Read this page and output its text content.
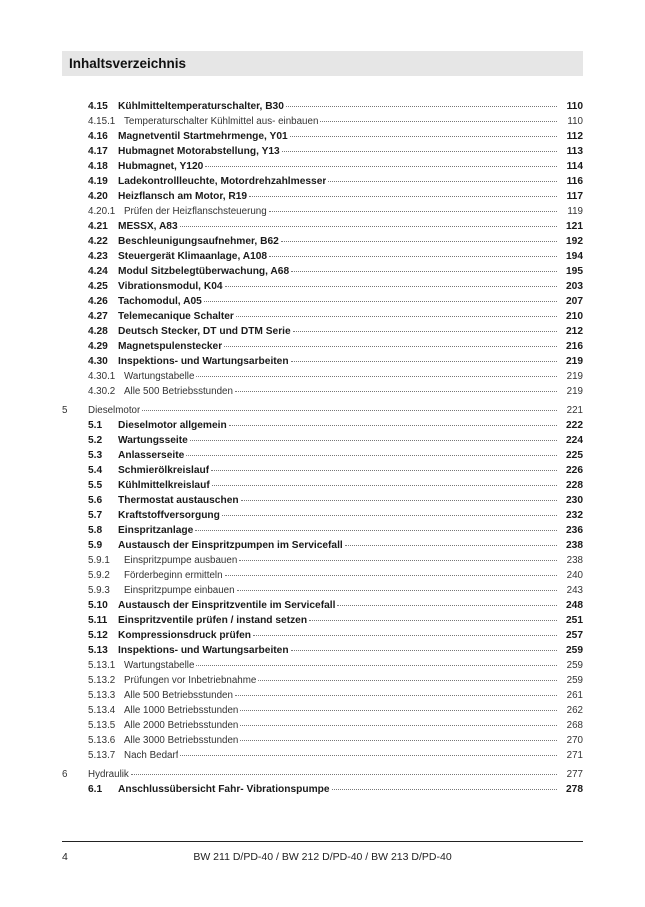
Inhaltsverzeichnis
4.15 Kühlmitteltemperaturschalter, B30	110
4.15.1 Temperaturschalter Kühlmittel aus- einbauen	110
4.16 Magnetventil Startmehrmenge, Y01	112
4.17 Hubmagnet Motorabstellung, Y13	113
4.18 Hubmagnet, Y120	114
4.19 Ladekontrollleuchte, Motordrehzahlmesser	116
4.20 Heizflansch am Motor, R19	117
4.20.1 Prüfen der Heizflanschsteuerung	119
4.21 MESSX, A83	121
4.22 Beschleunigungsaufnehmer, B62	192
4.23 Steuergerät Klimaanlage, A108	194
4.24 Modul Sitzbelegtüberwachung, A68	195
4.25 Vibrationsmodul, K04	203
4.26 Tachomodul, A05	207
4.27 Telemecanique Schalter	210
4.28 Deutsch Stecker, DT und DTM Serie	212
4.29 Magnetspulenstecker	216
4.30 Inspektions- und Wartungsarbeiten	219
4.30.1 Wartungstabelle	219
4.30.2 Alle 500 Betriebsstunden	219
5	Dieselmotor	221
5.1	Dieselmotor allgemein	222
5.2	Wartungsseite	224
5.3	Anlasserseite	225
5.4	Schmierölkreislauf	226
5.5	Kühlmittelkreislauf	228
5.6	Thermostat austauschen	230
5.7	Kraftstoffversorgung	232
5.8	Einspritzanlage	236
5.9	Austausch der Einspritzpumpen im Servicefall	238
5.9.1	Einspritzpumpe ausbauen	238
5.9.2	Förderbeginn ermitteln	240
5.9.3	Einspritzpumpe einbauen	243
5.10 Austausch der Einspritzventile im Servicefall	248
5.11	Einspritzventile prüfen / instand setzen	251
5.12 Kompressionsdruck prüfen	257
5.13 Inspektions- und Wartungsarbeiten	259
5.13.1 Wartungstabelle	259
5.13.2 Prüfungen vor Inbetriebnahme	259
5.13.3 Alle 500 Betriebsstunden	261
5.13.4 Alle 1000 Betriebsstunden	262
5.13.5 Alle 2000 Betriebsstunden	268
5.13.6 Alle 3000 Betriebsstunden	270
5.13.7 Nach Bedarf	271
6	Hydraulik	277
6.1	Anschlussübersicht Fahr- Vibrationspumpe	278
4	BW 211 D/PD-40 / BW 212 D/PD-40 / BW 213 D/PD-40
